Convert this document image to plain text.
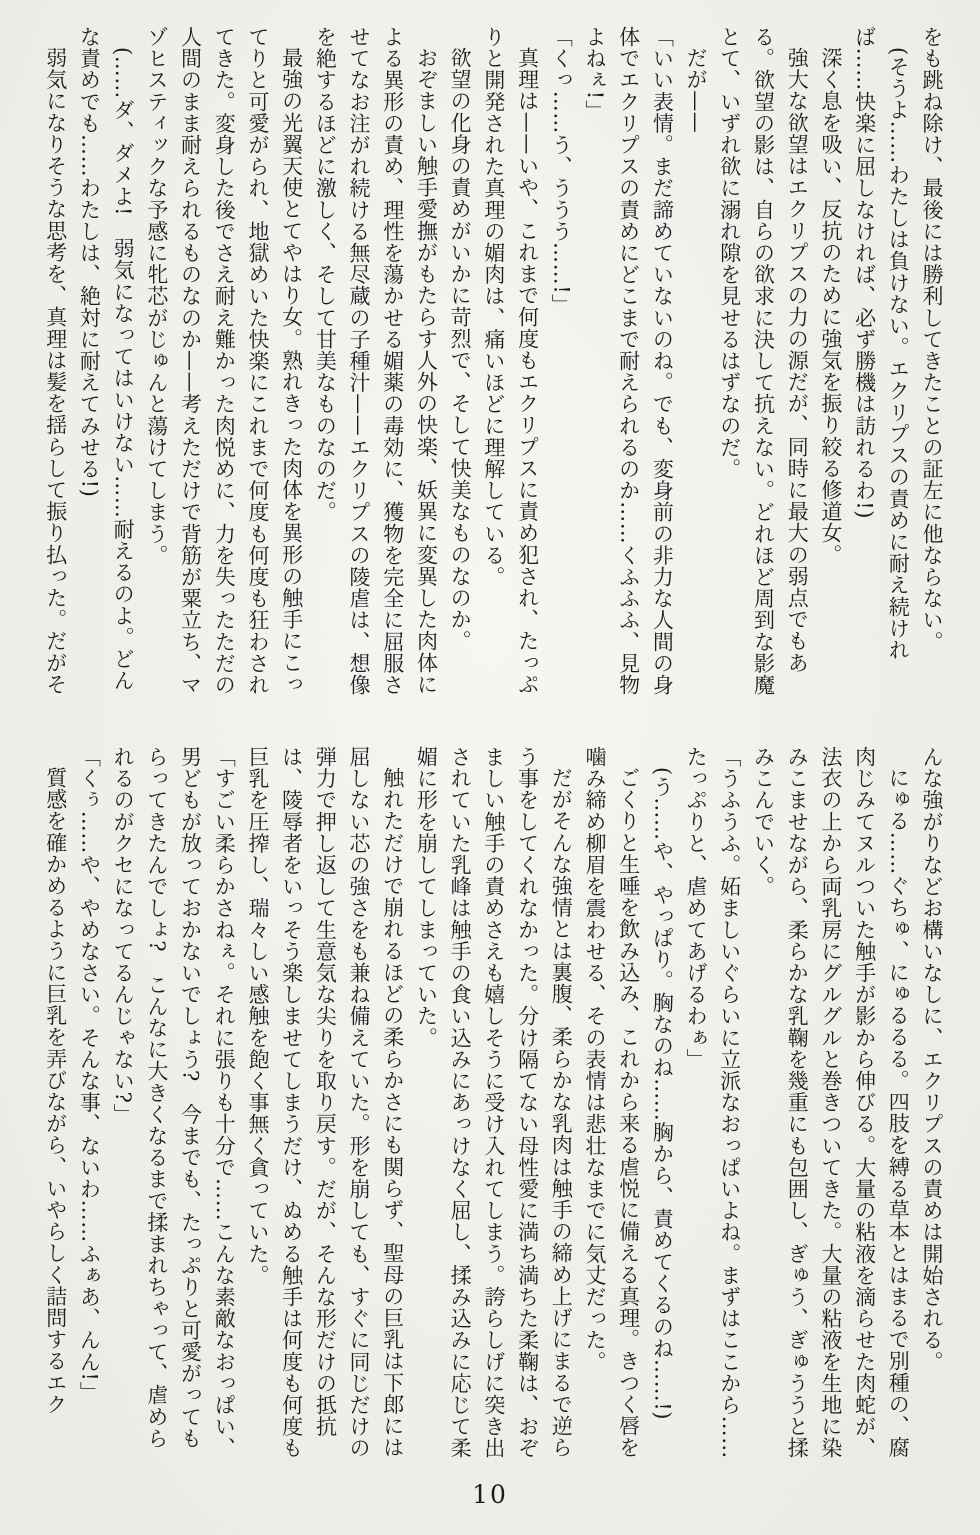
をも跳ね除け、最後には勝利してきたことの証左に他ならない。

(そうよ……わたしは負けない。エクリプスの責めに耐え続ければ……快楽に屈しなければ、必ず勝機は訪れるわ!)

深く息を吸い、反抗のために強気を振り絞る修道女。

強大な欲望はエクリプスの力の源だが、同時に最大の弱点でもある。欲望の影は、自らの欲求に決して抗えない。どれほど周到な影魔とて、いずれ欲に溺れ隙を見せるはずなのだ。

だが——

「いい表情。まだ諦めていないのね。でも、変身前の非力な人間の身体でエクリプスの責めにどこまで耐えられるのか……くふふふ、見物よねぇ!」

「くっ……う、ううう……!」

真理は——いや、これまで何度もエクリプスに責め犯され、たっぷりと開発された真理の媚肉は、痛いほどに理解している。

欲望の化身の責めがいかに苛烈で、そして快美なものなのか。

おぞましい触手愛撫がもたらす人外の快楽、妖異に変異した肉体による異形の責め、理性を蕩かせる媚薬の毒効に、獲物を完全に屈服させてなお注がれ続ける無尽蔵の子種汁——エクリプスの陵虐は、想像を絶するほどに激しく、そして甘美なものなのだ。

最強の光翼天使とてやはり女。熟れきった肉体を異形の触手にこってりと可愛がられ、地獄めいた快楽にこれまで何度も何度も狂わされてきた。変身した後でさえ耐え難かった肉悦めに、力を失ったただの人間のまま耐えられるものなのか——考えただけで背筋が粟立ち、マゾヒスティックな予感に牝芯がじゅんと蕩けてしまう。

(……ダ、ダメよ!　弱気になってはいけない……耐えるのよ。どんな責めでも……わたしは、絶対に耐えてみせる!)

弱気になりそうな思考を、真理は髪を揺らして振り払った。だがそ

んな強がりなどお構いなしに、エクリプスの責めは開始される。

にゅる……ぐちゅ、にゅるるる。四肢を縛る草本とはまるで別種の、腐肉じみてヌルついた触手が影から伸びる。大量の粘液を滴らせた肉蛇が、法衣の上から両乳房にグルグルと巻きついてきた。大量の粘液を生地に染みこませながら、柔らかな乳鞠を幾重にも包囲し、ぎゅう、ぎゅううと揉みこんでいく。

「うふうふ。妬ましいぐらいに立派なおっぱいよね。まずはここから……たっぷりと、虐めてあげるわぁ」

(う……や、やっぱり。胸なのね……胸から、責めてくるのね……!)

ごくりと生唾を飲み込み、これから来る虐悦に備える真理。きつく唇を噛み締め柳眉を震わせる、その表情は悲壮なまでに気丈だった。

だがそんな強情とは裏腹、柔らかな乳肉は触手の締め上げにまるで逆らう事をしてくれなかった。分け隔てない母性愛に満ち満ちた柔鞠は、おぞましい触手の責めさえも嬉しそうに受け入れてしまう。誇らしげに突き出されていた乳峰は触手の食い込みにあっけなく屈し、揉み込みに応じて柔媚に形を崩してしまっていた。

触れただけで崩れるほどの柔らかさにも関らず、聖母の巨乳は下郎には屈しない芯の強さをも兼ね備えていた。形を崩しても、すぐに同じだけの弾力で押し返して生意気な尖りを取り戻す。だが、そんな形だけの抵抗は、陵辱者をいっそう楽しませてしまうだけ、ぬめる触手は何度も何度も巨乳を圧搾し、瑞々しい感触を飽く事無く貪っていた。

「すごい柔らかさねぇ。それに張りも十分で……こんな素敵なおっぱい、男どもが放っておかないでしょう?　今までも、たっぷりと可愛がってもらってきたんでしょ?　こんなに大きくなるまで揉まれちゃって、虐められるのがクセになってるんじゃない?」

「くぅ……や、やめなさい。そんな事、ないわ……ふぁあ、んん!」

質感を確かめるように巨乳を弄びながら、いやらしく詰問するエク

10
